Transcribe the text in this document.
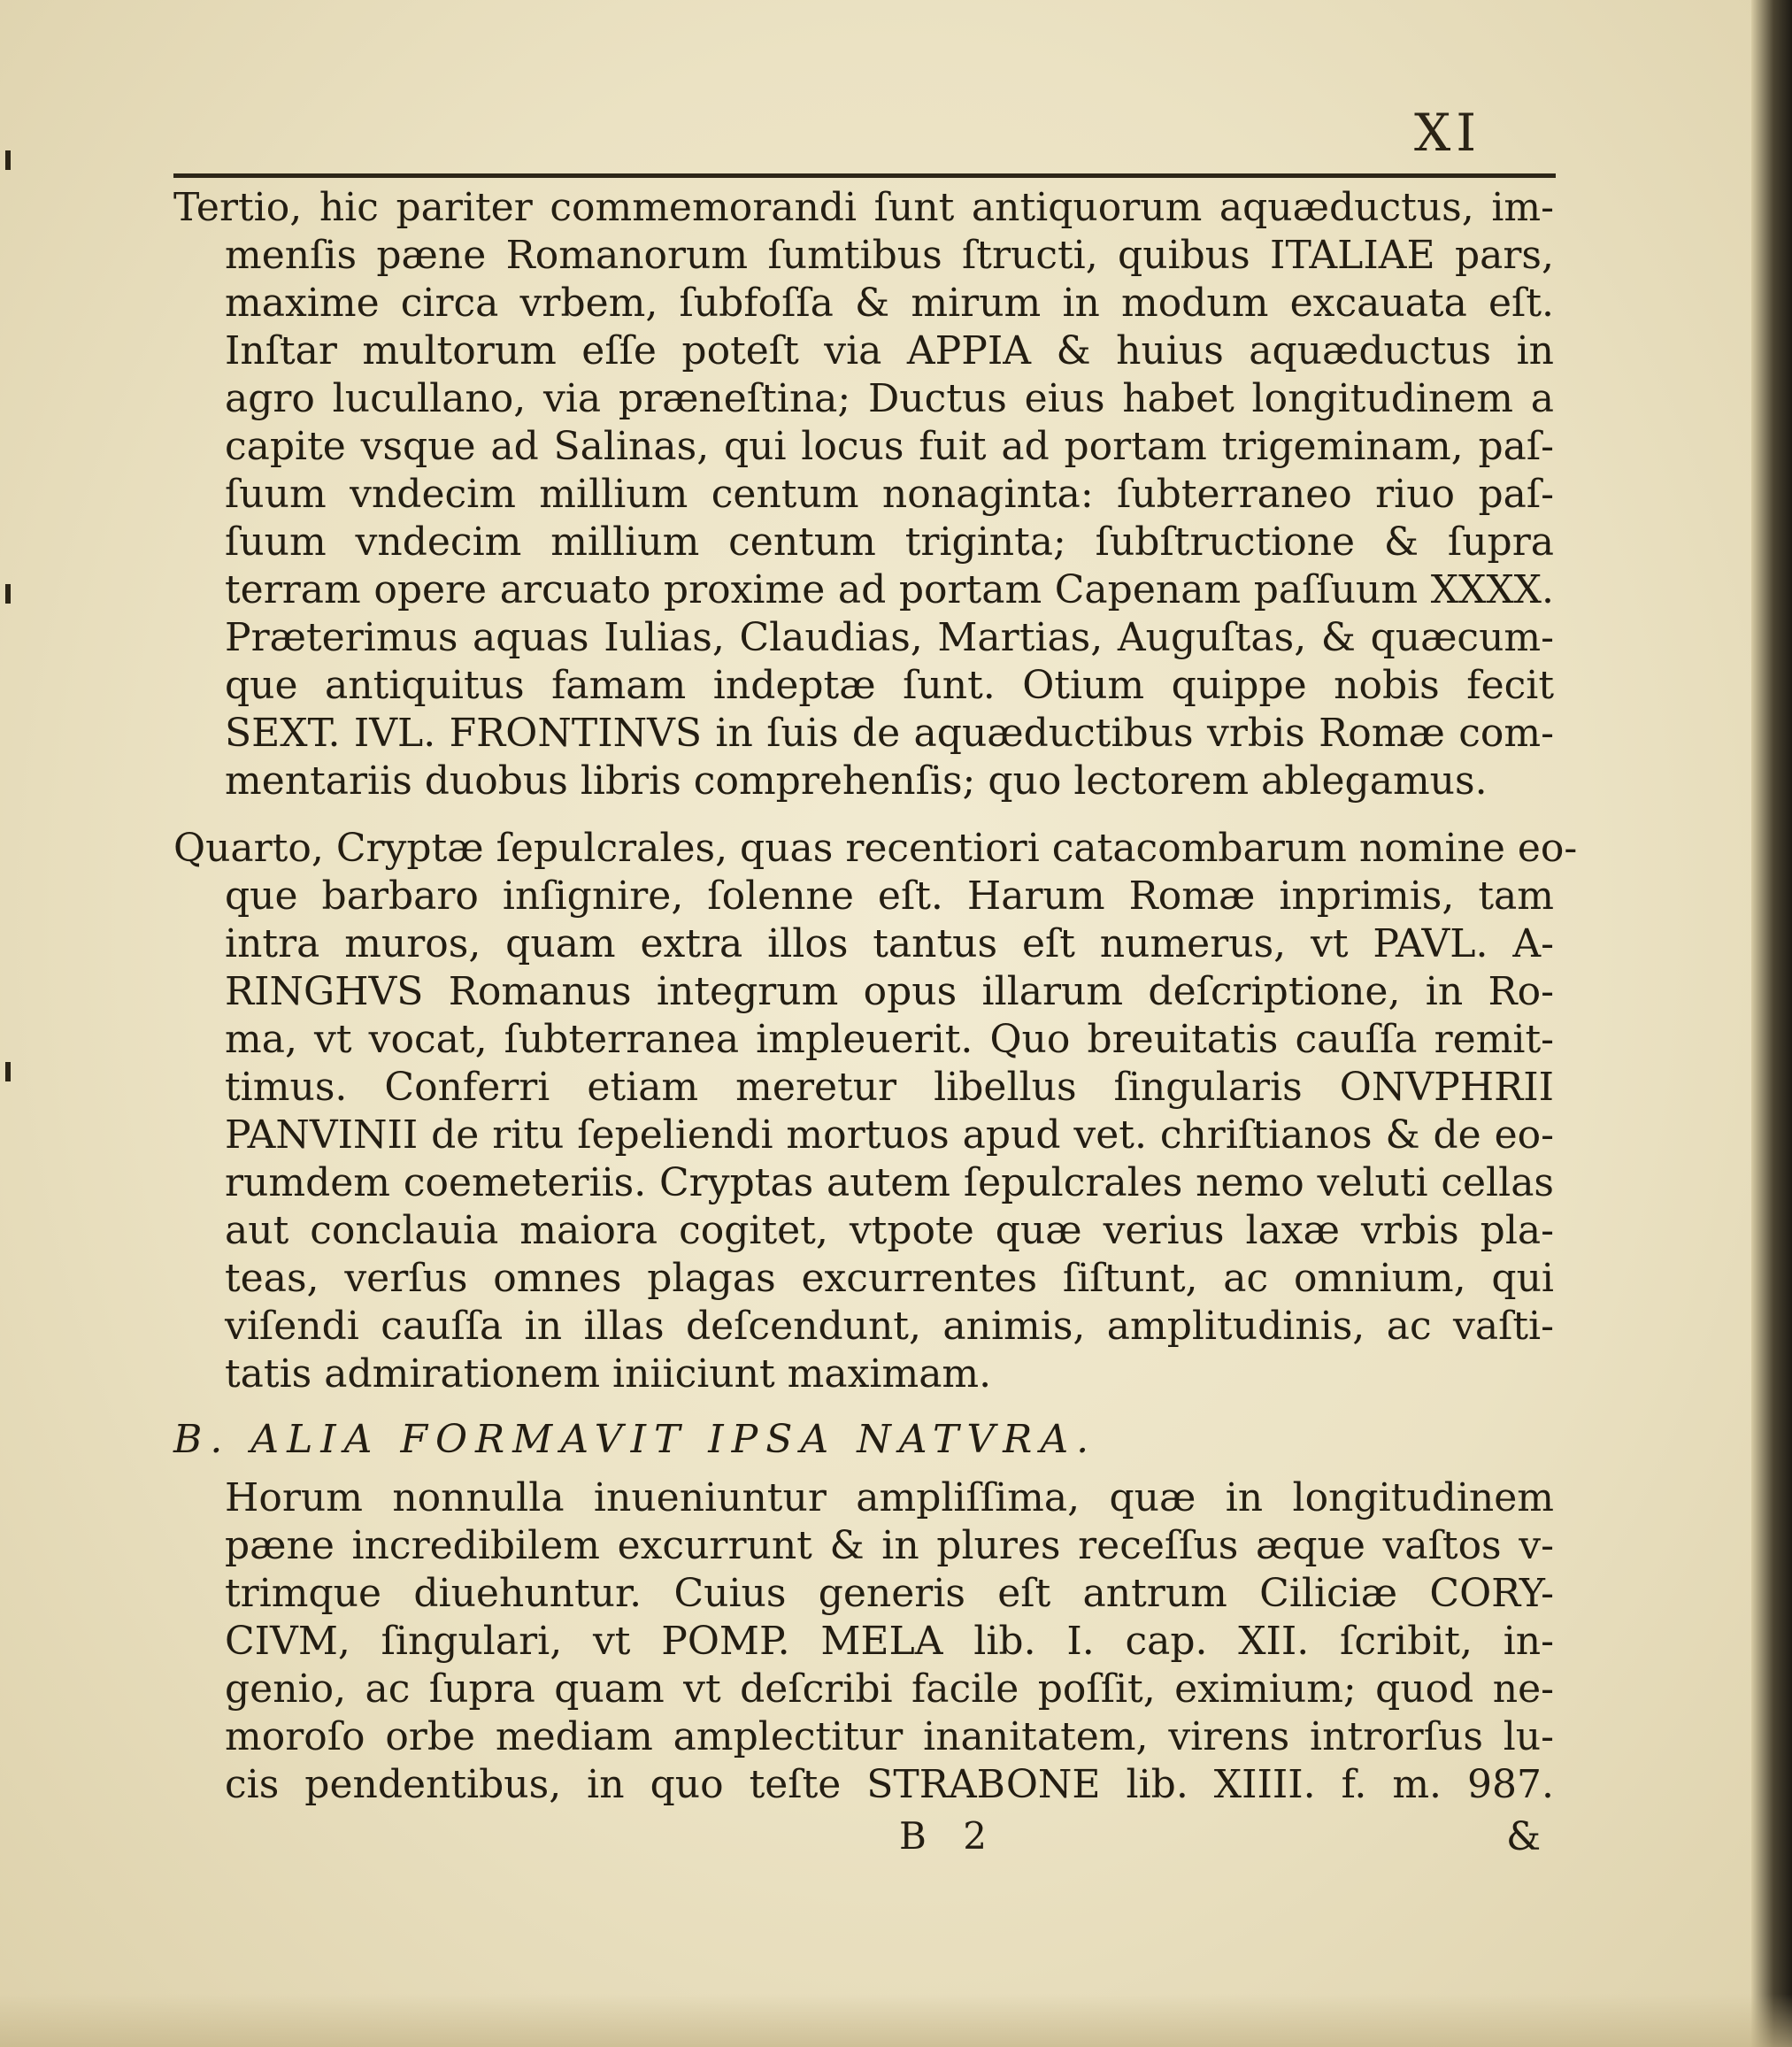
XI
Tertio, hic pariter commemorandi ſunt antiquorum aquæductus, im-
menſis pæne Romanorum ſumtibus ſtructi, quibus ITALIAE pars,
maxime circa vrbem, ſubfoſſa & mirum in modum excauata eſt.
Inſtar multorum eſſe poteſt via APPIA & huius aquæductus in
agro lucullano, via præneſtina; Ductus eius habet longitudinem a
capite vsque ad Salinas, qui locus fuit ad portam trigeminam, paſ-
ſuum vndecim millium centum nonaginta: ſubterraneo riuo paſ-
ſuum vndecim millium centum triginta; ſubſtructione & ſupra
terram opere arcuato proxime ad portam Capenam paſſuum XXXX.
Præterimus aquas Iulias, Claudias, Martias, Auguſtas, & quæcum-
que antiquitus famam indeptæ ſunt. Otium quippe nobis fecit
SEXT. IVL. FRONTINVS in ſuis de aquæductibus vrbis Romæ com-
mentariis duobus libris comprehenſis; quo lectorem ablegamus.
Quarto, Cryptæ ſepulcrales, quas recentiori catacombarum nomine eo-
que barbaro inſignire, ſolenne eſt. Harum Romæ inprimis, tam
intra muros, quam extra illos tantus eſt numerus, vt PAVL. A-
RINGHVS Romanus integrum opus illarum deſcriptione, in Ro-
ma, vt vocat, ſubterranea impleuerit. Quo breuitatis cauſſa remit-
timus. Conferri etiam meretur libellus ſingularis ONVPHRII
PANVINII de ritu ſepeliendi mortuos apud vet. chriſtianos & de eo-
rumdem coemeteriis. Cryptas autem ſepulcrales nemo veluti cellas
aut conclauia maiora cogitet, vtpote quæ verius laxæ vrbis pla-
teas, verſus omnes plagas excurrentes ſiſtunt, ac omnium, qui
viſendi cauſſa in illas deſcendunt, animis, amplitudinis, ac vaſti-
tatis admirationem iniiciunt maximam.
B. ALIA FORMAVIT IPSA NATVRA.
Horum nonnulla inueniuntur ampliſſima, quæ in longitudinem
pæne incredibilem excurrunt & in plures receſſus æque vaſtos v-
trimque diuehuntur. Cuius generis eſt antrum Ciliciæ CORY-
CIVM, ſingulari, vt POMP. MELA lib. I. cap. XII. ſcribit, in-
genio, ac ſupra quam vt deſcribi facile poſſit, eximium; quod ne-
moroſo orbe mediam amplectitur inanitatem, virens introrſus lu-
cis pendentibus, in quo teſte STRABONE lib. XIIII. f. m. 987.
B 2	&
